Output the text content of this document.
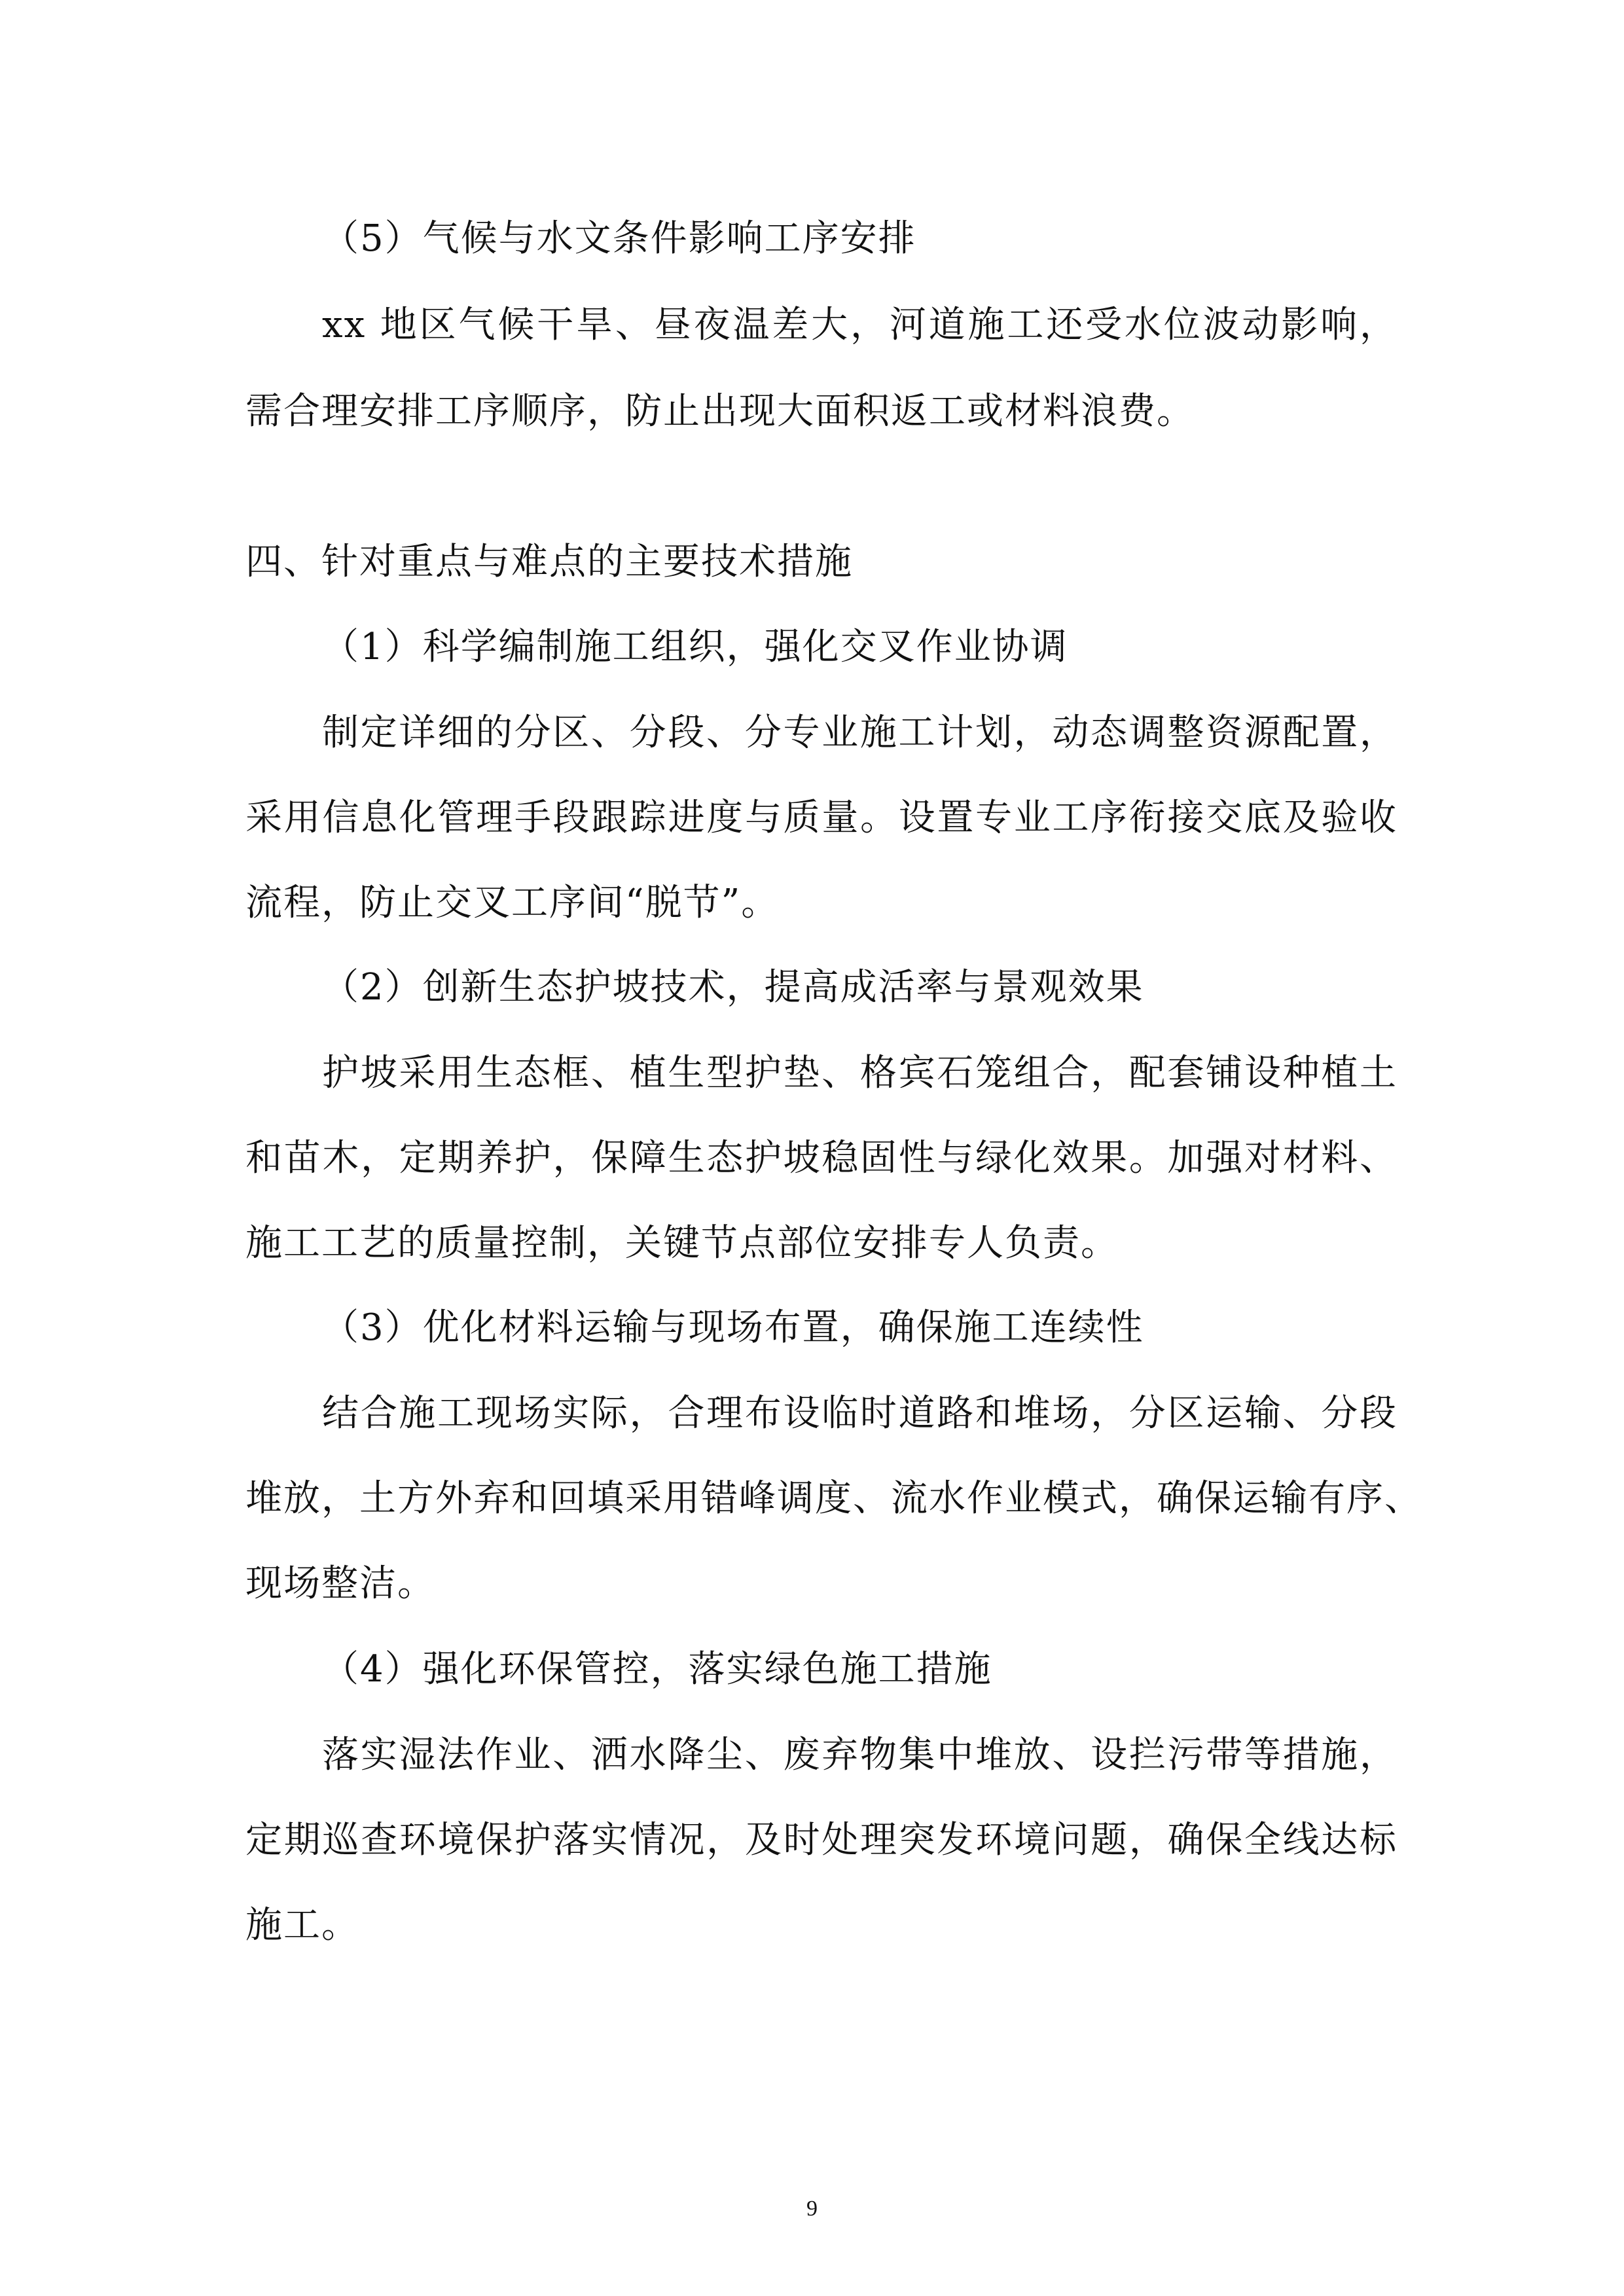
（5）气候与水文条件影响工序安排
xx 地区气候干旱、昼夜温差大，河道施工还受水位波动影响，
需合理安排工序顺序，防止出现大面积返工或材料浪费。
四、针对重点与难点的主要技术措施
（1）科学编制施工组织，强化交叉作业协调
制定详细的分区、分段、分专业施工计划，动态调整资源配置，
采用信息化管理手段跟踪进度与质量。设置专业工序衔接交底及验收
流程，防止交叉工序间“脱节”。
（2）创新生态护坡技术，提高成活率与景观效果
护坡采用生态框、植生型护垫、格宾石笼组合，配套铺设种植土
和苗木，定期养护，保障生态护坡稳固性与绿化效果。加强对材料、
施工工艺的质量控制，关键节点部位安排专人负责。
（3）优化材料运输与现场布置，确保施工连续性
结合施工现场实际，合理布设临时道路和堆场，分区运输、分段
堆放，土方外弃和回填采用错峰调度、流水作业模式，确保运输有序、
现场整洁。
（4）强化环保管控，落实绿色施工措施
落实湿法作业、洒水降尘、废弃物集中堆放、设拦污带等措施，
定期巡查环境保护落实情况，及时处理突发环境问题，确保全线达标
施工。
9
